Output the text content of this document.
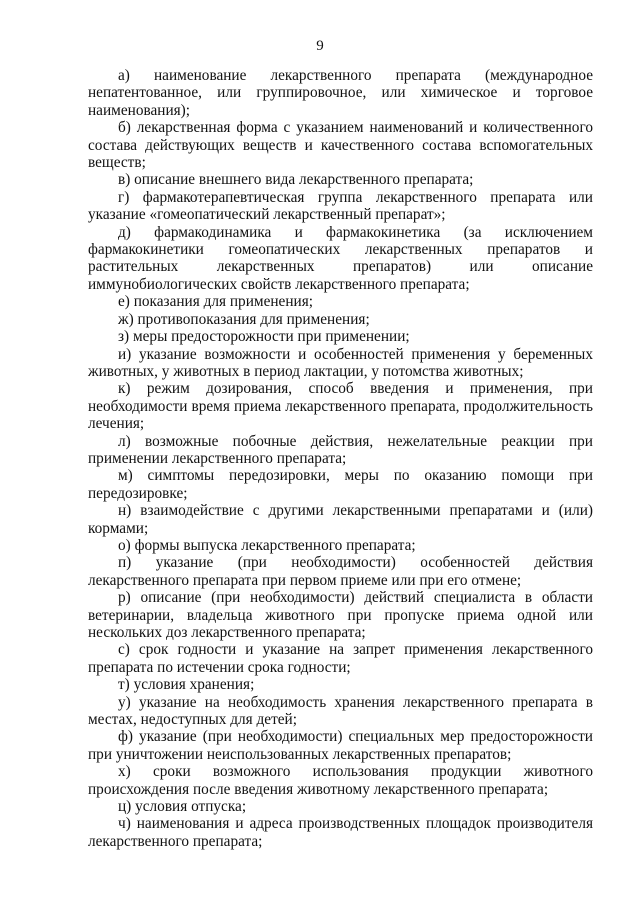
9

а) наименование лекарственного препарата (международное непатентованное, или группировочное, или химическое и торговое наименования);

б) лекарственная форма с указанием наименований и количественного состава действующих веществ и качественного состава вспомогательных веществ;

в) описание внешнего вида лекарственного препарата;

г) фармакотерапевтическая группа лекарственного препарата или указание «гомеопатический лекарственный препарат»;

д) фармакодинамика и фармакокинетика (за исключением фармакокинетики гомеопатических лекарственных препаратов и растительных лекарственных препаратов) или описание иммунобиологических свойств лекарственного препарата;

е) показания для применения;

ж) противопоказания для применения;

з) меры предосторожности при применении;

и) указание возможности и особенностей применения у беременных животных, у животных в период лактации, у потомства животных;

к) режим дозирования, способ введения и применения, при необходимости время приема лекарственного препарата, продолжительность лечения;

л) возможные побочные действия, нежелательные реакции при применении лекарственного препарата;

м) симптомы передозировки, меры по оказанию помощи при передозировке;

н) взаимодействие с другими лекарственными препаратами и (или) кормами;

о) формы выпуска лекарственного препарата;

п) указание (при необходимости) особенностей действия лекарственного препарата при первом приеме или при его отмене;

р) описание (при необходимости) действий специалиста в области ветеринарии, владельца животного при пропуске приема одной или нескольких доз лекарственного препарата;

с) срок годности и указание на запрет применения лекарственного препарата по истечении срока годности;

т) условия хранения;

у) указание на необходимость хранения лекарственного препарата в местах, недоступных для детей;

ф) указание (при необходимости) специальных мер предосторожности при уничтожении неиспользованных лекарственных препаратов;

х) сроки возможного использования продукции животного происхождения после введения животному лекарственного препарата;

ц) условия отпуска;

ч) наименования и адреса производственных площадок производителя лекарственного препарата;
